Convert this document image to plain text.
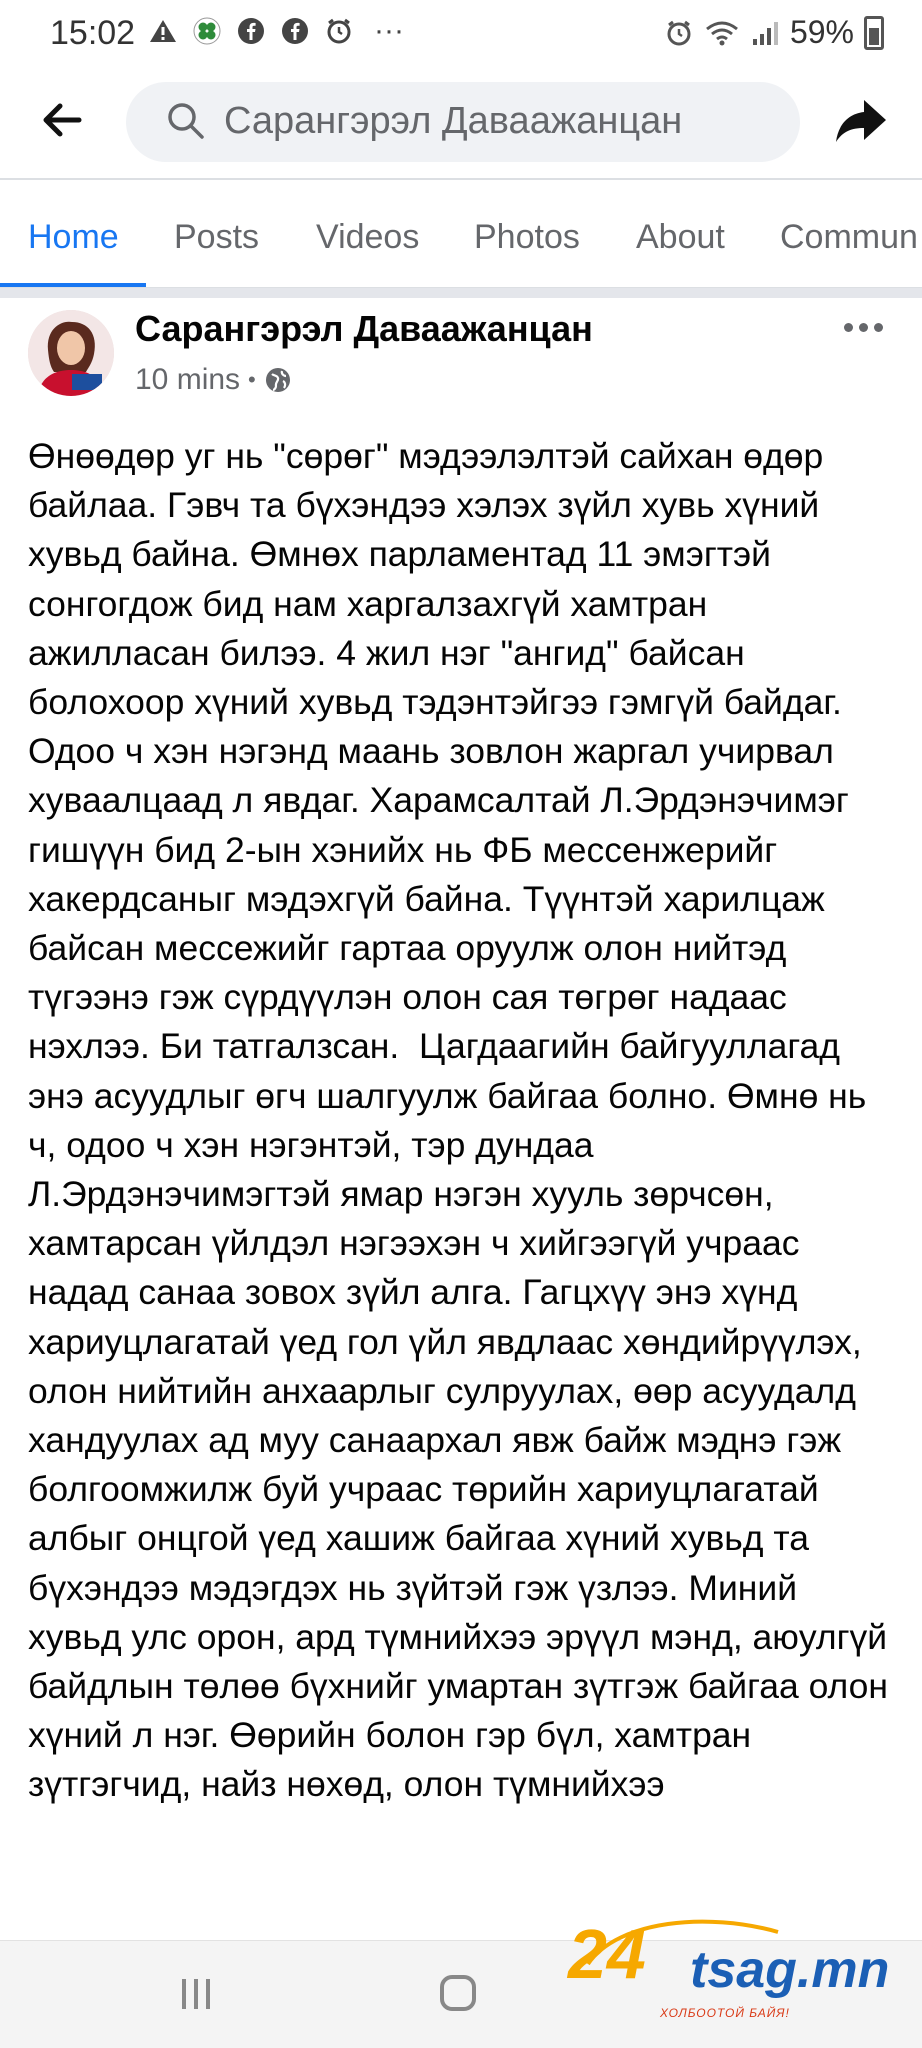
15:02	···	59%
Сарангэрэл Даваажанцан
Home Posts Videos Photos About Commun
Сарангэрэл Даваажанцан
10 mins •

Өнөөдөр уг нь "сөрөг" мэдээлэлтэй сайхан өдөр байлаа. Гэвч та бүхэндээ хэлэх зүйл хувь хүний хувьд байна. Өмнөх парламентад 11 эмэгтэй  сонгогдож бид нам харгалзахгүй хамтран ажилласан билээ. 4 жил нэг "ангид" байсан болохоор хүний хувьд тэдэнтэйгээ гэмгүй байдаг. Одоо ч хэн нэгэнд маань зовлон жаргал учирвал хуваалцаад л явдаг. Харамсалтай Л.Эрдэнэчимэг гишүүн бид 2-ын хэнийх нь ФБ мессенжерийг хакердсаныг мэдэхгүй байна. Түүнтэй харилцаж байсан мессежийг гартаа оруулж олон нийтэд түгээнэ гэж сүрдүүлэн олон сая төгрөг надаас нэхлээ. Би татгалзсан.  Цагдаагийн байгууллагад энэ асуудлыг өгч шалгуулж байгаа болно. Өмнө нь ч, одоо ч хэн нэгэнтэй, тэр дундаа Л.Эрдэнэчимэгтэй ямар нэгэн хууль зөрчсөн, хамтарсан үйлдэл нэгээхэн ч хийгээгүй учраас надад санаа зовох зүйл алга. Гагцхүү энэ хүнд хариуцлагатай үед гол үйл явдлаас хөндийрүүлэх, олон нийтийн анхаарлыг сулруулах, өөр асуудалд хандуулах ад муу санаархал явж байж мэднэ гэж болгоомжилж буй учраас төрийн хариуцлагатай албыг онцгой үед хашиж байгаа хүний хувьд та бүхэндээ мэдэгдэх нь зүйтэй гэж үзлээ. Миний хувьд улс орон, ард түмнийхээ эрүүл мэнд, аюулгүй байдлын төлөө бүхнийг умартан зүтгэж байгаа олон хүний л нэг. Өөрийн болон гэр бүл, хамтран зүтгэгчид, найз нөхөд, олон түмнийхээ

24 tsag.mn
ХОЛБООТОЙ БАЙЯ!
